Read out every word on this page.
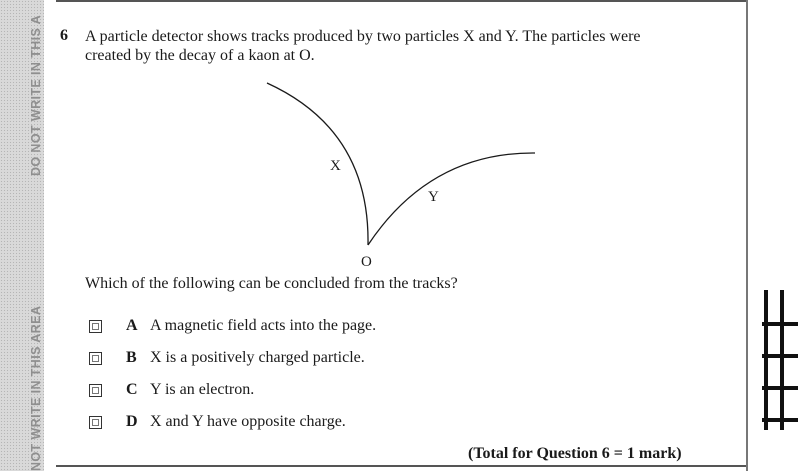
DO NOT WRITE IN THIS A
NOT WRITE IN THIS AREA
6 A particle detector shows tracks produced by two particles X and Y. The particles were created by the decay of a kaon at O.
X
Y
O
Which of the following can be concluded from the tracks?
A A magnetic field acts into the page.
B X is a positively charged particle.
C Y is an electron.
D X and Y have opposite charge.
(Total for Question 6 = 1 mark)
